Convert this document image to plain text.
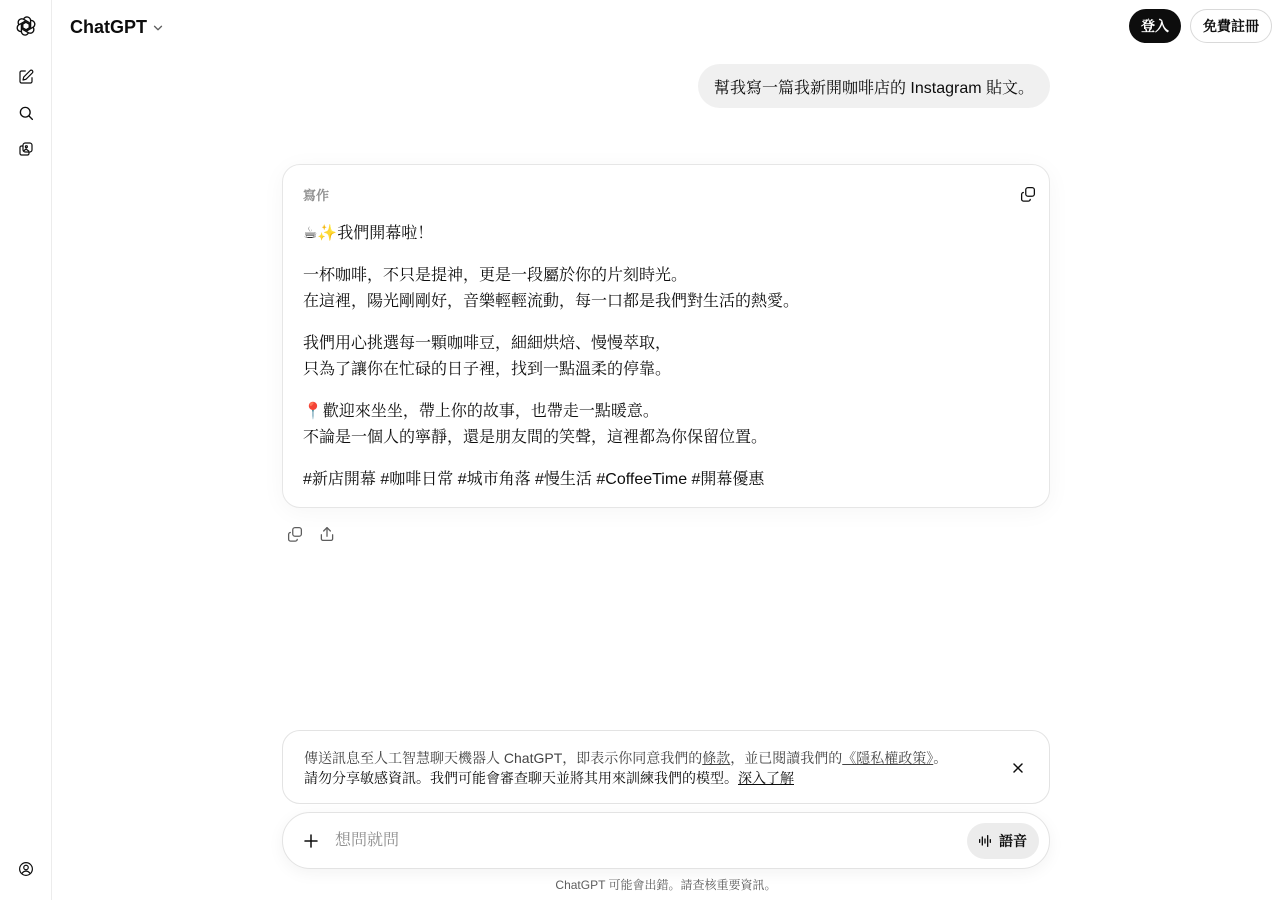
ChatGPT	登入	免費註冊
幫我寫一篇我新開咖啡店的 Instagram 貼文。
寫作

☕✨我們開幕啦！

一杯咖啡，不只是提神，更是一段屬於你的片刻時光。
在這裡，陽光剛剛好，音樂輕輕流動，每一口都是我們對生活的熱愛。

我們用心挑選每一顆咖啡豆，細細烘焙、慢慢萃取，
只為了讓你在忙碌的日子裡，找到一點溫柔的停靠。

📍歡迎來坐坐，帶上你的故事，也帶走一點暖意。
不論是一個人的寧靜，還是朋友間的笑聲，這裡都為你保留位置。

#新店開幕 #咖啡日常 #城市角落 #慢生活 #CoffeeTime #開幕優惠

傳送訊息至人工智慧聊天機器人 ChatGPT，即表示你同意我們的條款，並已閱讀我們的《隱私權政策》。
請勿分享敏感資訊。我們可能會審查聊天並將其用來訓練我們的模型。深入了解
想問就問
語音
ChatGPT 可能會出錯。請查核重要資訊。
